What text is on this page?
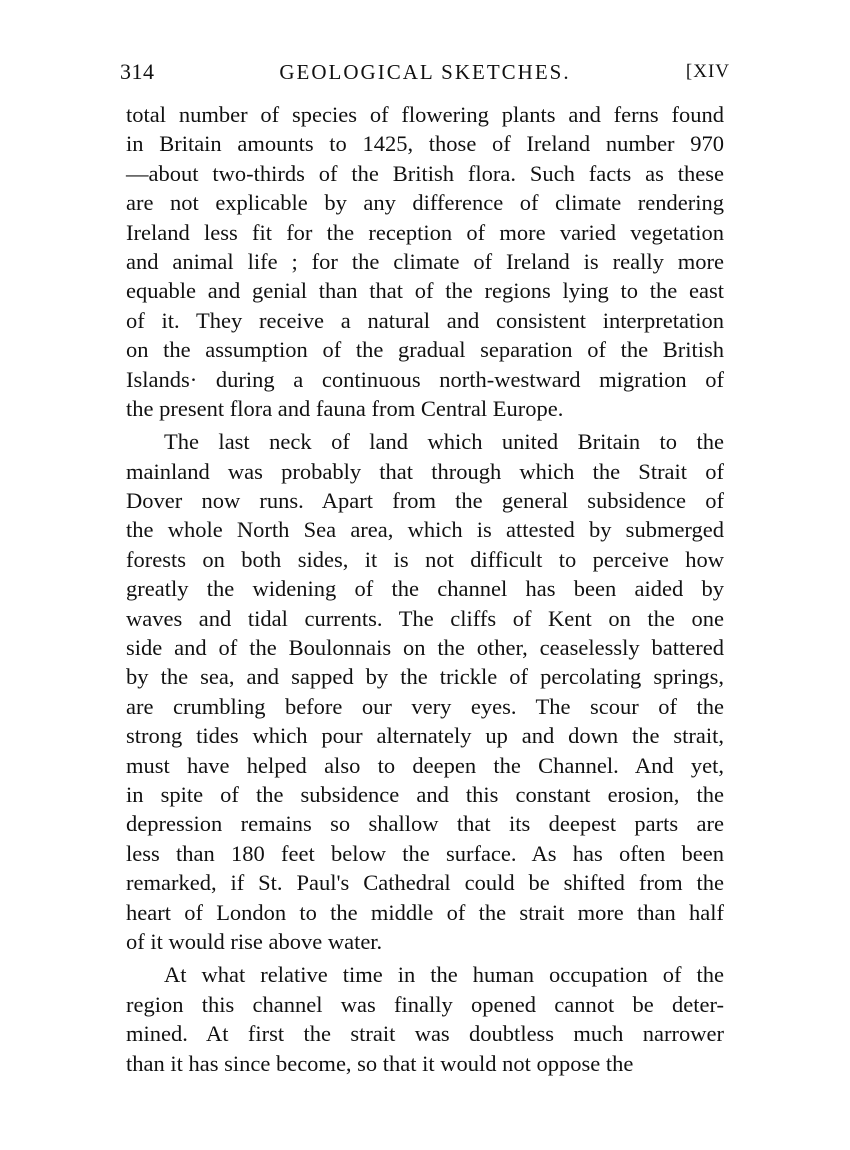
314	GEOLOGICAL SKETCHES.	[XIV
total number of species of flowering plants and ferns found
in Britain amounts to 1425, those of Ireland number 970
—about two-thirds of the British flora. Such facts as these
are not explicable by any difference of climate rendering
Ireland less fit for the reception of more varied vegetation
and animal life ; for the climate of Ireland is really more
equable and genial than that of the regions lying to the east
of it. They receive a natural and consistent interpretation
on the assumption of the gradual separation of the British
Islands· during a continuous north-westward migration of
the present flora and fauna from Central Europe.
The last neck of land which united Britain to the
mainland was probably that through which the Strait of
Dover now runs. Apart from the general subsidence of
the whole North Sea area, which is attested by submerged
forests on both sides, it is not difficult to perceive how
greatly the widening of the channel has been aided by
waves and tidal currents. The cliffs of Kent on the one
side and of the Boulonnais on the other, ceaselessly battered
by the sea, and sapped by the trickle of percolating springs,
are crumbling before our very eyes. The scour of the
strong tides which pour alternately up and down the strait,
must have helped also to deepen the Channel. And yet,
in spite of the subsidence and this constant erosion, the
depression remains so shallow that its deepest parts are
less than 180 feet below the surface. As has often been
remarked, if St. Paul's Cathedral could be shifted from the
heart of London to the middle of the strait more than half
of it would rise above water.
At what relative time in the human occupation of the
region this channel was finally opened cannot be deter-
mined. At first the strait was doubtless much narrower
than it has since become, so that it would not oppose the
